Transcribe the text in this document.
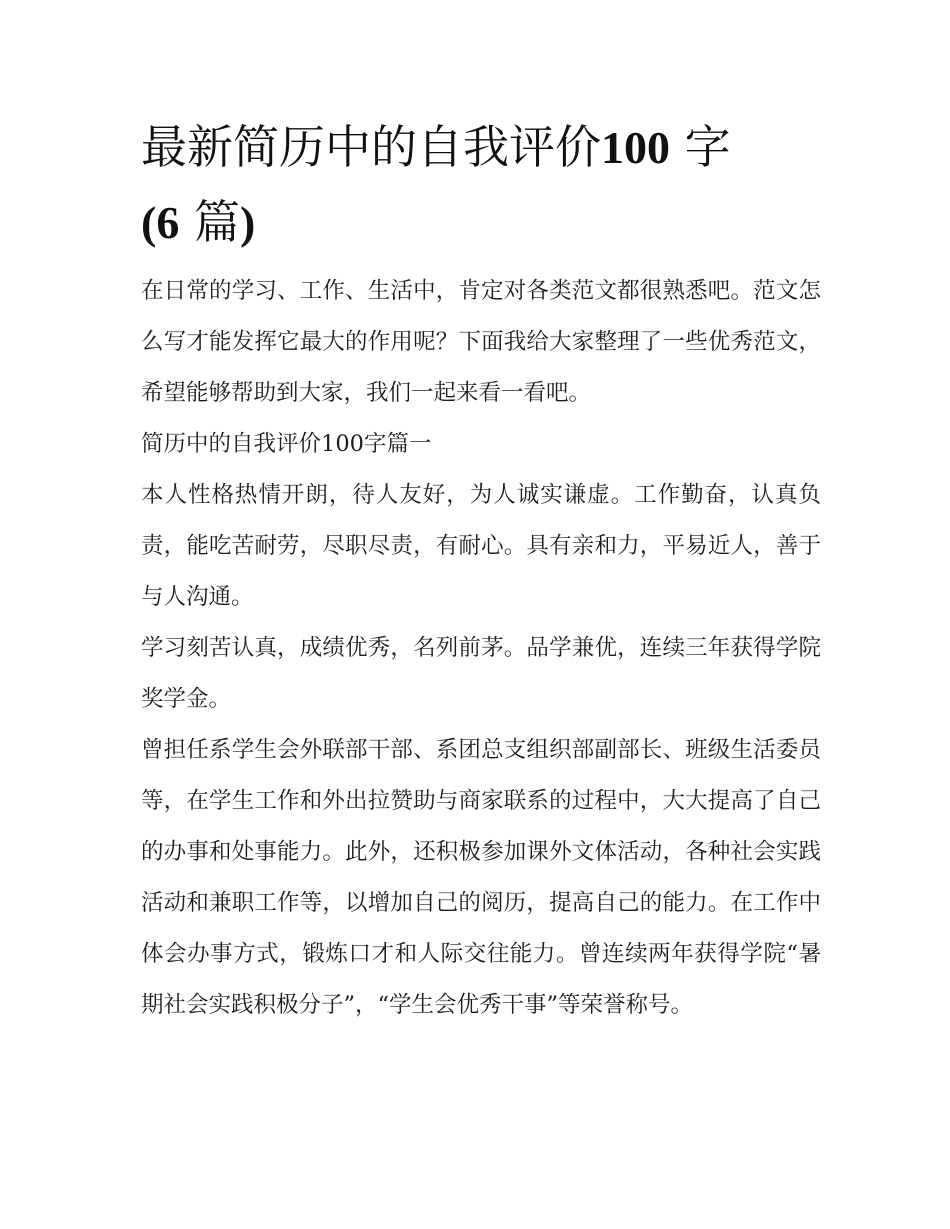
最新简历中的自我评价100 字
(6 篇)

在日常的学习、工作、生活中，肯定对各类范文都很熟悉吧。范文怎么写才能发挥它最大的作用呢？下面我给大家整理了一些优秀范文，希望能够帮助到大家，我们一起来看一看吧。

简历中的自我评价100字篇一

本人性格热情开朗，待人友好，为人诚实谦虚。工作勤奋，认真负责，能吃苦耐劳，尽职尽责，有耐心。具有亲和力，平易近人，善于与人沟通。

学习刻苦认真，成绩优秀，名列前茅。品学兼优，连续三年获得学院奖学金。

曾担任系学生会外联部干部、系团总支组织部副部长、班级生活委员等，在学生工作和外出拉赞助与商家联系的过程中，大大提高了自己的办事和处事能力。此外，还积极参加课外文体活动，各种社会实践活动和兼职工作等，以增加自己的阅历，提高自己的能力。在工作中体会办事方式，锻炼口才和人际交往能力。曾连续两年获得学院“暑期社会实践积极分子”，“学生会优秀干事”等荣誉称号。
